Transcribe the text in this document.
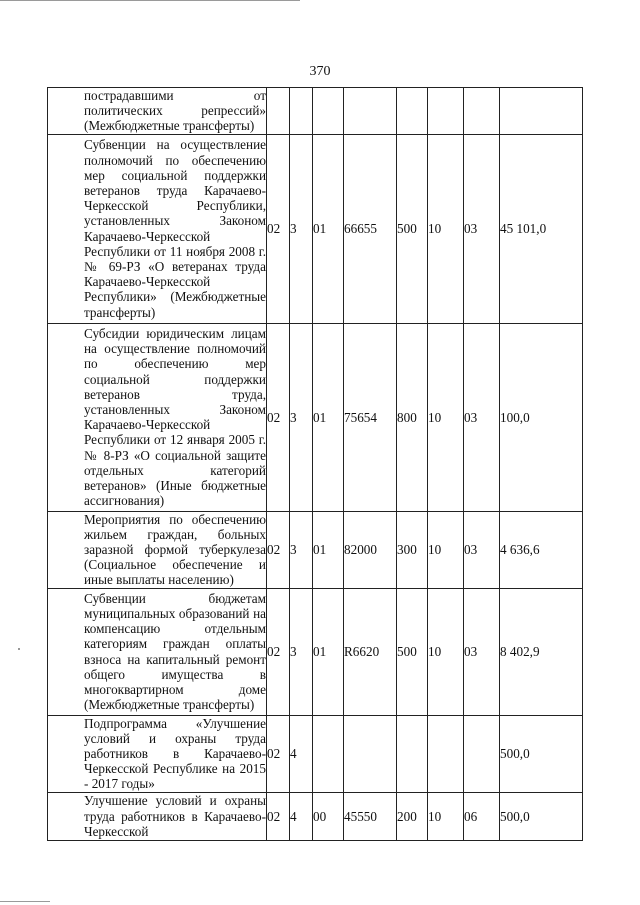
370
пострадавшими от политических репрессий» (Межбюджетные трансферты)								
Субвенции на осуществление полномочий по обеспечению мер социальной поддержки ветеранов труда Карачаево-Черкесской Республики, установленных Законом Карачаево-Черкесской Республики от 11 ноября 2008 г. № 69-РЗ «О ветеранах труда Карачаево-Черкесской Республики» (Межбюджетные трансферты)	02	3	01	66655	500	10	03	45 101,0
Субсидии юридическим лицам на осуществление полномочий по обеспечению мер социальной поддержки ветеранов труда, установленных Законом Карачаево-Черкесской Республики от 12 января 2005 г. № 8-РЗ «О социальной защите отдельных категорий ветеранов» (Иные бюджетные ассигнования)	02	3	01	75654	800	10	03	100,0
Мероприятия по обеспечению жильем граждан, больных заразной формой туберкулеза (Социальное обеспечение и иные выплаты населению)	02	3	01	82000	300	10	03	4 636,6
Субвенции бюджетам муниципальных образований на компенсацию отдельным категориям граждан оплаты взноса на капитальный ремонт общего имущества в многоквартирном доме (Межбюджетные трансферты)	02	3	01	R6620	500	10	03	8 402,9
Подпрограмма «Улучшение условий и охраны труда работников в Карачаево-Черкесской Республике на 2015 - 2017 годы»	02	4						500,0
Улучшение условий и охраны труда работников в Карачаево-Черкесской	02	4	00	45550	200	10	06	500,0
